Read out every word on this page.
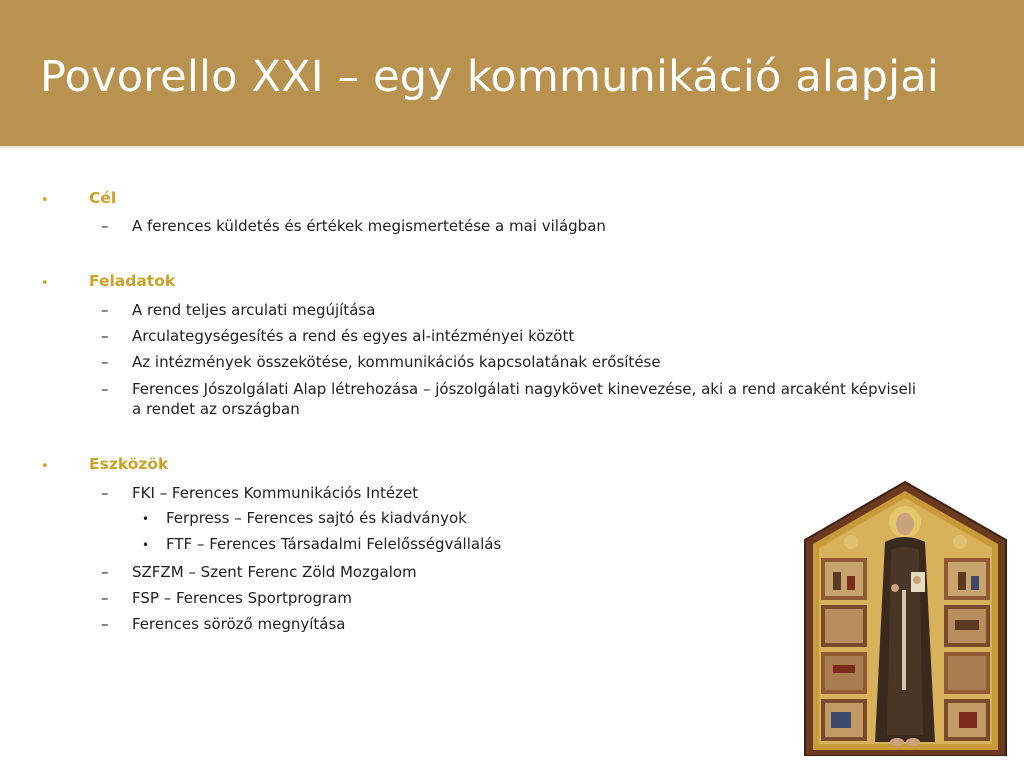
Povorello XXI – egy kommunikáció alapjai
•	Cél
– A ferences küldetés és értékek megismertetése a mai világban
•	Feladatok
– A rend teljes arculati megújítása
– Arculategységesítés a rend és egyes al-intézményei között
– Az intézmények összekötése, kommunikációs kapcsolatának erősítése
– Ferences Jószolgálati Alap létrehozása – jószolgálati nagykövet kinevezése, aki a rend arcaként képviseli a rendet az országban
•	Eszközök
– FKI – Ferences Kommunikációs Intézet
• Ferpress – Ferences sajtó és kiadványok
• FTF – Ferences Társadalmi Felelősségvállalás
– SZFZM – Szent Ferenc Zöld Mozgalom
– FSP – Ferences Sportprogram
– Ferences söröző megnyítása
